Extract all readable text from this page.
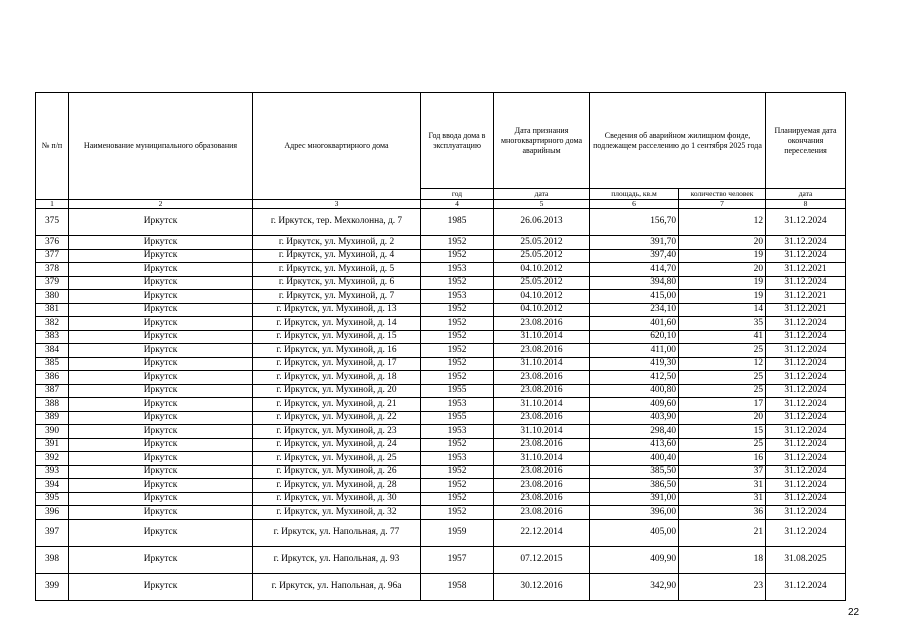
№ п/п	Наименование муниципального образования	Адрес многоквартирного дома	Год ввода дома в эксплуатацию	Дата признания многоквартирного дома аварийным	Сведения об аварийном жилищном фонде, подлежащем расселению до 1 сентября 2025 года		Планируемая дата окончания переселения
			год	дата	площадь, кв.м	количество человек	дата
1	2	3	4	5	6	7	8
375	Иркутск	г. Иркутск, тер. Мехколонна, д. 7	1985	26.06.2013	156,70	12	31.12.2024
376	Иркутск	г. Иркутск, ул. Мухиной, д. 2	1952	25.05.2012	391,70	20	31.12.2024
377	Иркутск	г. Иркутск, ул. Мухиной, д. 4	1952	25.05.2012	397,40	19	31.12.2024
378	Иркутск	г. Иркутск, ул. Мухиной, д. 5	1953	04.10.2012	414,70	20	31.12.2021
379	Иркутск	г. Иркутск, ул. Мухиной, д. 6	1952	25.05.2012	394,80	19	31.12.2024
380	Иркутск	г. Иркутск, ул. Мухиной, д. 7	1953	04.10.2012	415,00	19	31.12.2021
381	Иркутск	г. Иркутск, ул. Мухиной, д. 13	1952	04.10.2012	234,10	14	31.12.2021
382	Иркутск	г. Иркутск, ул. Мухиной, д. 14	1952	23.08.2016	401,60	35	31.12.2024
383	Иркутск	г. Иркутск, ул. Мухиной, д. 15	1952	31.10.2014	620,10	41	31.12.2024
384	Иркутск	г. Иркутск, ул. Мухиной, д. 16	1952	23.08.2016	411,00	25	31.12.2024
385	Иркутск	г. Иркутск, ул. Мухиной, д. 17	1952	31.10.2014	419,30	12	31.12.2024
386	Иркутск	г. Иркутск, ул. Мухиной, д. 18	1952	23.08.2016	412,50	25	31.12.2024
387	Иркутск	г. Иркутск, ул. Мухиной, д. 20	1955	23.08.2016	400,80	25	31.12.2024
388	Иркутск	г. Иркутск, ул. Мухиной, д. 21	1953	31.10.2014	409,60	17	31.12.2024
389	Иркутск	г. Иркутск, ул. Мухиной, д. 22	1955	23.08.2016	403,90	20	31.12.2024
390	Иркутск	г. Иркутск, ул. Мухиной, д. 23	1953	31.10.2014	298,40	15	31.12.2024
391	Иркутск	г. Иркутск, ул. Мухиной, д. 24	1952	23.08.2016	413,60	25	31.12.2024
392	Иркутск	г. Иркутск, ул. Мухиной, д. 25	1953	31.10.2014	400,40	16	31.12.2024
393	Иркутск	г. Иркутск, ул. Мухиной, д. 26	1952	23.08.2016	385,50	37	31.12.2024
394	Иркутск	г. Иркутск, ул. Мухиной, д. 28	1952	23.08.2016	386,50	31	31.12.2024
395	Иркутск	г. Иркутск, ул. Мухиной, д. 30	1952	23.08.2016	391,00	31	31.12.2024
396	Иркутск	г. Иркутск, ул. Мухиной, д. 32	1952	23.08.2016	396,00	36	31.12.2024
397	Иркутск	г. Иркутск, ул. Напольная, д. 77	1959	22.12.2014	405,00	21	31.12.2024
398	Иркутск	г. Иркутск, ул. Напольная, д. 93	1957	07.12.2015	409,90	18	31.08.2025
399	Иркутск	г. Иркутск, ул. Напольная, д. 96а	1958	30.12.2016	342,90	23	31.12.2024
22
